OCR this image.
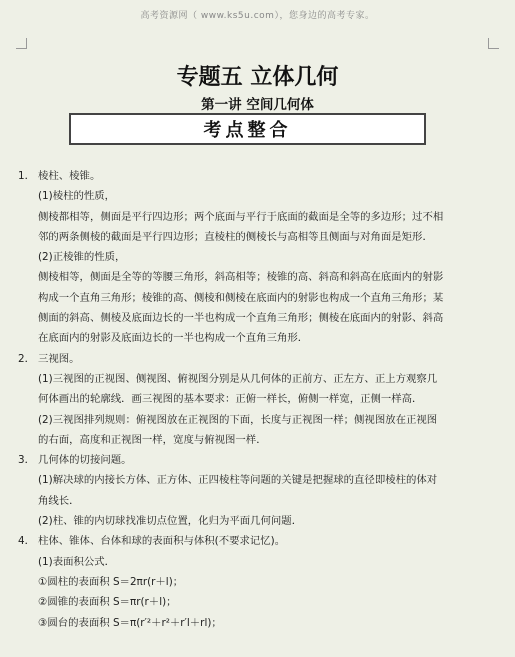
高考资源网（ www.ks5u.com），您身边的高考专家。
专题五 立体几何
第一讲 空间几何体
考点整合
1． 棱柱、棱锥。
(1)棱柱的性质，
侧棱都相等，侧面是平行四边形；两个底面与平行于底面的截面是全等的多边形；过不相
邻的两条侧棱的截面是平行四边形；直棱柱的侧棱长与高相等且侧面与对角面是矩形．
(2)正棱锥的性质，
侧棱相等，侧面是全等的等腰三角形，斜高相等；棱锥的高、斜高和斜高在底面内的射影
构成一个直角三角形；棱锥的高、侧棱和侧棱在底面内的射影也构成一个直角三角形；某
侧面的斜高、侧棱及底面边长的一半也构成一个直角三角形；侧棱在底面内的射影、斜高
在底面内的射影及底面边长的一半也构成一个直角三角形．
2． 三视图。
(1)三视图的正视图、侧视图、俯视图分别是从几何体的正前方、正左方、正上方观察几
何体画出的轮廓线．画三视图的基本要求：正俯一样长，俯侧一样宽，正侧一样高．
(2)三视图排列规则：俯视图放在正视图的下面，长度与正视图一样；侧视图放在正视图
的右面，高度和正视图一样，宽度与俯视图一样．
3． 几何体的切接问题。
(1)解决球的内接长方体、正方体、正四棱柱等问题的关键是把握球的直径即棱柱的体对
角线长．
(2)柱、锥的内切球找准切点位置，化归为平面几何问题．
4． 柱体、锥体、台体和球的表面积与体积(不要求记忆)。
(1)表面积公式．
①圆柱的表面积 S＝2πr(r＋l)；
②圆锥的表面积 S＝πr(r＋l)；
③圆台的表面积 S＝π(r′²＋r²＋r′l＋rl)；
